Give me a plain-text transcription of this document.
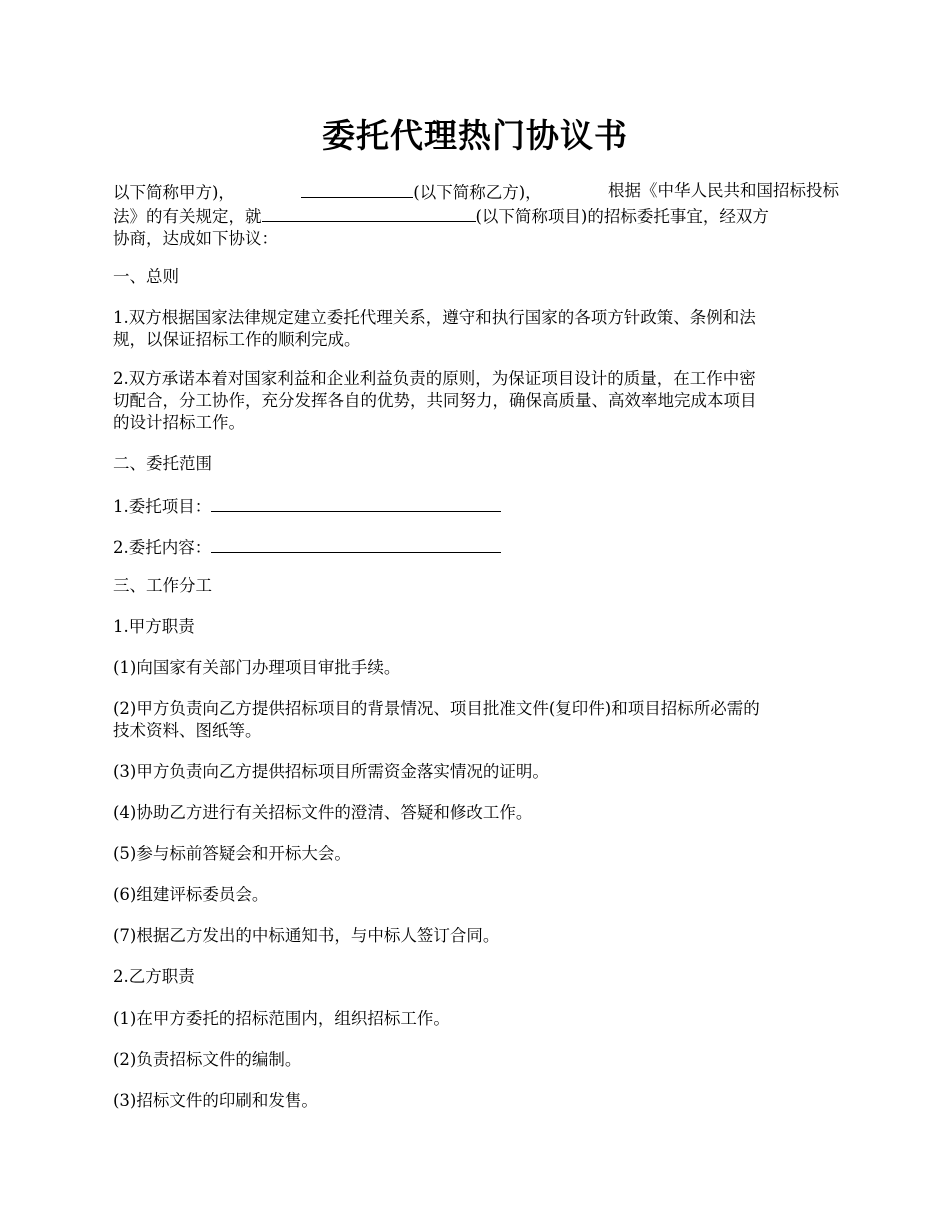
委托代理热门协议书
以下简称甲方)，	(以下简称乙方)，	根据《中华人民共和国招标投标
法》的有关规定，就	(以下简称项目)的招标委托事宜，经双方
协商，达成如下协议：
一、总则
1.双方根据国家法律规定建立委托代理关系，遵守和执行国家的各项方针政策、条例和法
规，以保证招标工作的顺利完成。
2.双方承诺本着对国家利益和企业利益负责的原则，为保证项目设计的质量，在工作中密
切配合，分工协作，充分发挥各自的优势，共同努力，确保高质量、高效率地完成本项目
的设计招标工作。
二、委托范围
1.委托项目：
2.委托内容：
三、工作分工
1.甲方职责
(1)向国家有关部门办理项目审批手续。
(2)甲方负责向乙方提供招标项目的背景情况、项目批准文件(复印件)和项目招标所必需的
技术资料、图纸等。
(3)甲方负责向乙方提供招标项目所需资金落实情况的证明。
(4)协助乙方进行有关招标文件的澄清、答疑和修改工作。
(5)参与标前答疑会和开标大会。
(6)组建评标委员会。
(7)根据乙方发出的中标通知书，与中标人签订合同。
2.乙方职责
(1)在甲方委托的招标范围内，组织招标工作。
(2)负责招标文件的编制。
(3)招标文件的印刷和发售。
